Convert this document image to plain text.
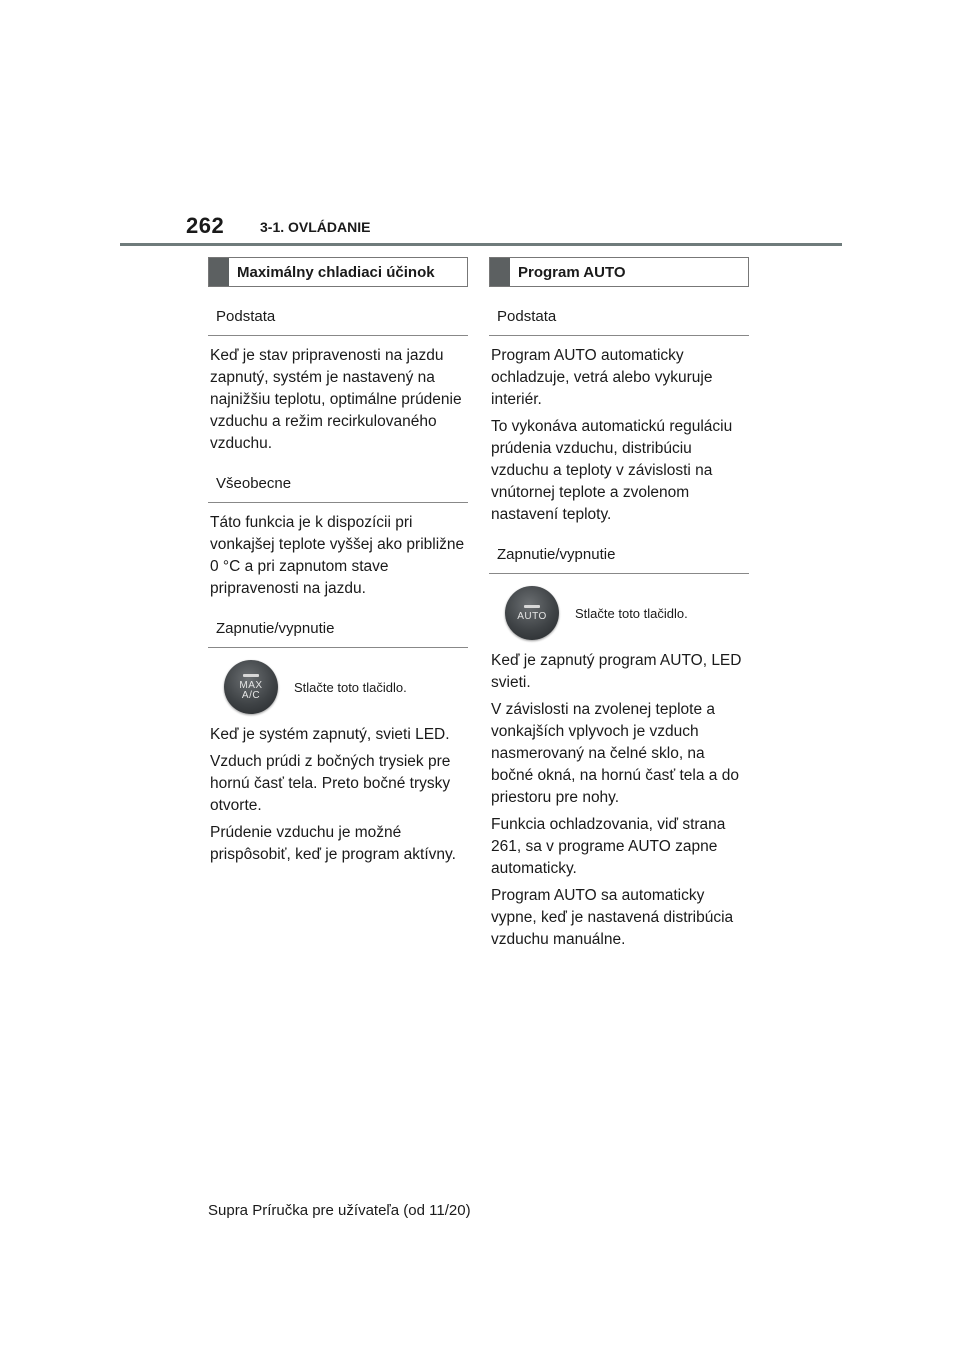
262	3-1. OVLÁDANIE
Maximálny chladiaci účinok
Podstata

Keď je stav pripravenosti na jazdu zapnutý, systém je nastavený na najnižšiu teplotu, optimálne prúdenie vzduchu a režim recirkulovaného vzduchu.

Všeobecne

Táto funkcia je k dispozícii pri vonkajšej teplote vyššej ako približne 0 °C a pri zapnutom stave pripravenosti na jazdu.

Zapnutie/vypnutie
MAX
A/C
Stlačte toto tlačidlo.

Keď je systém zapnutý, svieti LED.

Vzduch prúdi z bočných trysiek pre hornú časť tela. Preto bočné trysky otvorte.

Prúdenie vzduchu je možné prispôsobiť, keď je program aktívny.

Program AUTO
Podstata

Program AUTO automaticky ochladzuje, vetrá alebo vykuruje interiér.

To vykonáva automatickú reguláciu prúdenia vzduchu, distribúciu vzduchu a teploty v závislosti na vnútornej teplote a zvolenom nastavení teploty.

Zapnutie/vypnutie
AUTO Stlačte toto tlačidlo.

Keď je zapnutý program AUTO, LED svieti.

V závislosti na zvolenej teplote a vonkajších vplyvoch je vzduch nasmerovaný na čelné sklo, na bočné okná, na hornú časť tela a do priestoru pre nohy.

Funkcia ochladzovania, viď strana 261, sa v programe AUTO zapne automaticky.

Program AUTO sa automaticky vypne, keď je nastavená distribúcia vzduchu manuálne.

Supra Príručka pre užívateľa (od 11/20)
